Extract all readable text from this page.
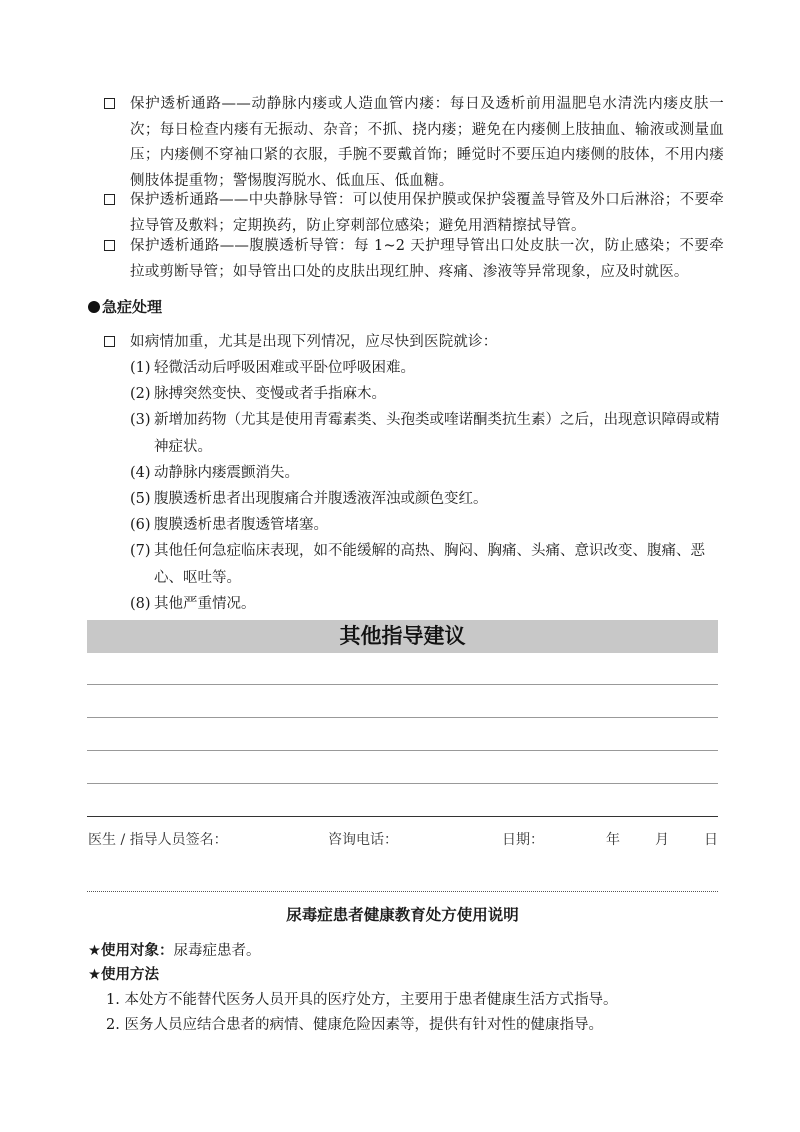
保护透析通路——动静脉内瘘或人造血管内瘘：每日及透析前用温肥皂水清洗内瘘皮肤一次；每日检查内瘘有无振动、杂音；不抓、挠内瘘；避免在内瘘侧上肢抽血、输液或测量血压；内瘘侧不穿袖口紧的衣服，手腕不要戴首饰；睡觉时不要压迫内瘘侧的肢体，不用内瘘侧肢体提重物；警惕腹泻脱水、低血压、低血糖。
保护透析通路——中央静脉导管：可以使用保护膜或保护袋覆盖导管及外口后淋浴；不要牵拉导管及敷料；定期换药，防止穿刺部位感染；避免用酒精擦拭导管。
保护透析通路——腹膜透析导管：每 1~2 天护理导管出口处皮肤一次，防止感染；不要牵拉或剪断导管；如导管出口处的皮肤出现红肿、疼痛、渗液等异常现象，应及时就医。
急症处理
如病情加重，尤其是出现下列情况，应尽快到医院就诊：
(1) 轻微活动后呼吸困难或平卧位呼吸困难。
(2) 脉搏突然变快、变慢或者手指麻木。
(3) 新增加药物（尤其是使用青霉素类、头孢类或喹诺酮类抗生素）之后，出现意识障碍或精神症状。
(4) 动静脉内瘘震颤消失。
(5) 腹膜透析患者出现腹痛合并腹透液浑浊或颜色变红。
(6) 腹膜透析患者腹透管堵塞。
(7) 其他任何急症临床表现，如不能缓解的高热、胸闷、胸痛、头痛、意识改变、腹痛、恶心、呕吐等。
(8) 其他严重情况。
其他指导建议
医生 / 指导人员签名：	咨询电话：	日期：	年	月	日
尿毒症患者健康教育处方使用说明
★使用对象：尿毒症患者。
★使用方法
1. 本处方不能替代医务人员开具的医疗处方，主要用于患者健康生活方式指导。
2. 医务人员应结合患者的病情、健康危险因素等，提供有针对性的健康指导。
